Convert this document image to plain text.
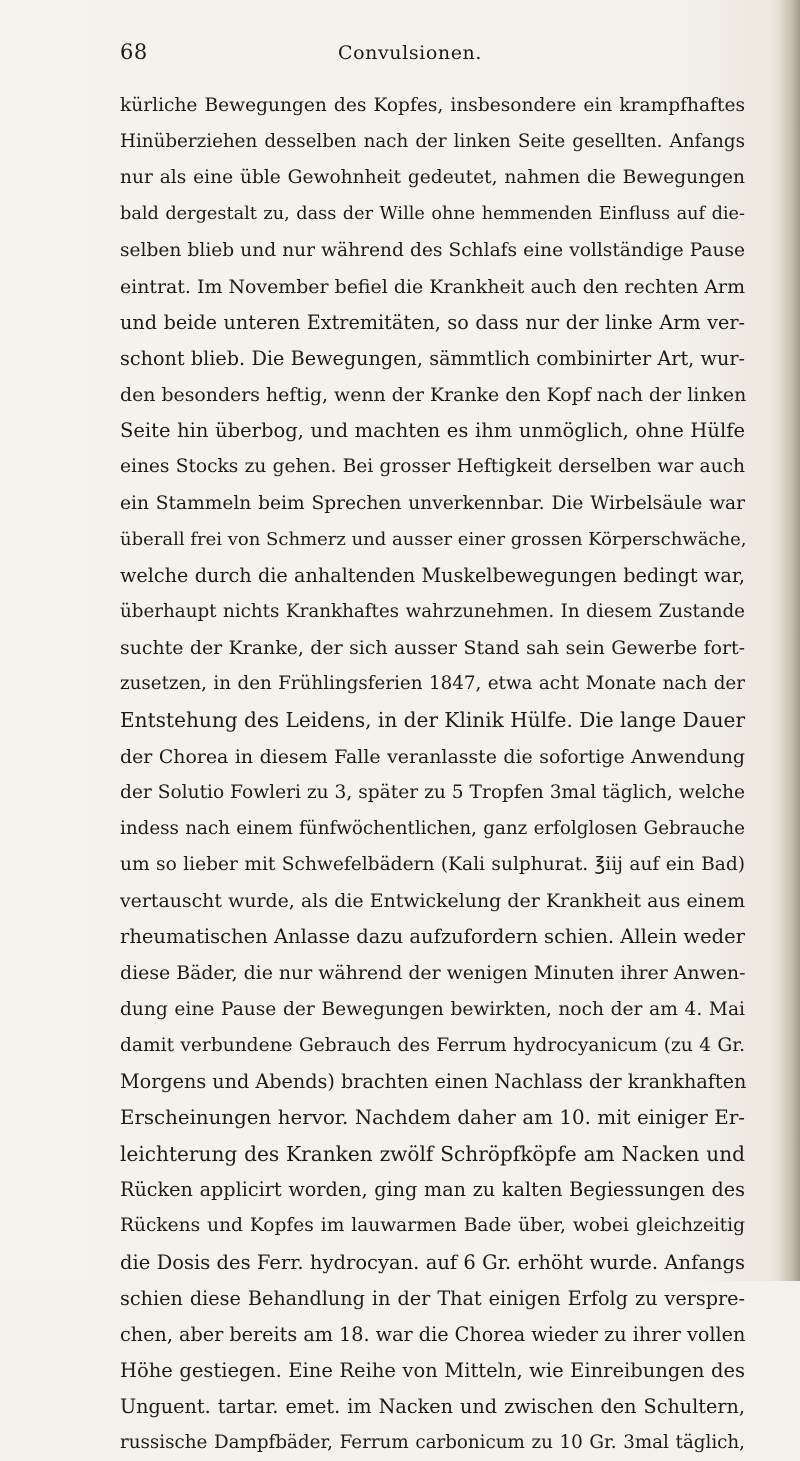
68	Convulsionen.
kürliche Bewegungen des Kopfes, insbesondere ein krampfhaftes
Hinüberziehen desselben nach der linken Seite gesellten. Anfangs
nur als eine üble Gewohnheit gedeutet, nahmen die Bewegungen
bald dergestalt zu, dass der Wille ohne hemmenden Einfluss auf die-
selben blieb und nur während des Schlafs eine vollständige Pause
eintrat. Im November befiel die Krankheit auch den rechten Arm
und beide unteren Extremitäten, so dass nur der linke Arm ver-
schont blieb. Die Bewegungen, sämmtlich combinirter Art, wur-
den besonders heftig, wenn der Kranke den Kopf nach der linken
Seite hin überbog, und machten es ihm unmöglich, ohne Hülfe
eines Stocks zu gehen. Bei grosser Heftigkeit derselben war auch
ein Stammeln beim Sprechen unverkennbar. Die Wirbelsäule war
überall frei von Schmerz und ausser einer grossen Körperschwäche,
welche durch die anhaltenden Muskelbewegungen bedingt war,
überhaupt nichts Krankhaftes wahrzunehmen. In diesem Zustande
suchte der Kranke, der sich ausser Stand sah sein Gewerbe fort-
zusetzen, in den Frühlingsferien 1847, etwa acht Monate nach der
Entstehung des Leidens, in der Klinik Hülfe. Die lange Dauer
der Chorea in diesem Falle veranlasste die sofortige Anwendung
der Solutio Fowleri zu 3, später zu 5 Tropfen 3mal täglich, welche
indess nach einem fünfwöchentlichen, ganz erfolglosen Gebrauche
um so lieber mit Schwefelbädern (Kali sulphurat. ℥iij auf ein Bad)
vertauscht wurde, als die Entwickelung der Krankheit aus einem
rheumatischen Anlasse dazu aufzufordern schien. Allein weder
diese Bäder, die nur während der wenigen Minuten ihrer Anwen-
dung eine Pause der Bewegungen bewirkten, noch der am 4. Mai
damit verbundene Gebrauch des Ferrum hydrocyanicum (zu 4 Gr.
Morgens und Abends) brachten einen Nachlass der krankhaften
Erscheinungen hervor. Nachdem daher am 10. mit einiger Er-
leichterung des Kranken zwölf Schröpfköpfe am Nacken und
Rücken applicirt worden, ging man zu kalten Begiessungen des
Rückens und Kopfes im lauwarmen Bade über, wobei gleichzeitig
die Dosis des Ferr. hydrocyan. auf 6 Gr. erhöht wurde. Anfangs
schien diese Behandlung in der That einigen Erfolg zu verspre-
chen, aber bereits am 18. war die Chorea wieder zu ihrer vollen
Höhe gestiegen. Eine Reihe von Mitteln, wie Einreibungen des
Unguent. tartar. emet. im Nacken und zwischen den Schultern,
russische Dampfbäder, Ferrum carbonicum zu 10 Gr. 3mal täglich,
